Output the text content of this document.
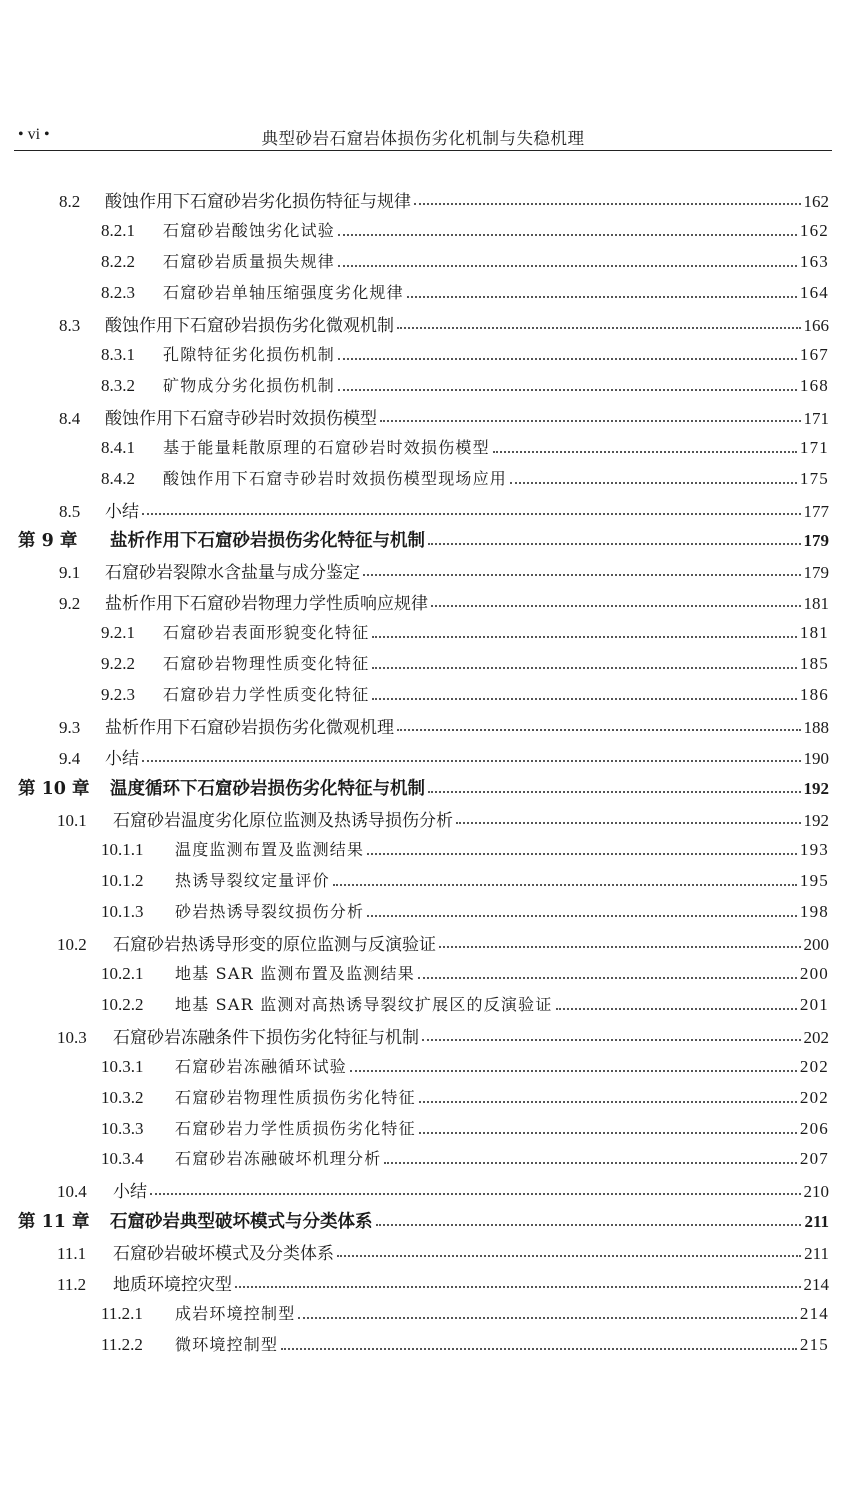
• vi •	典型砂岩石窟岩体损伤劣化机制与失稳机理
8.2	酸蚀作用下石窟砂岩劣化损伤特征与规律	162
8.2.1	石窟砂岩酸蚀劣化试验	162
8.2.2	石窟砂岩质量损失规律	163
8.2.3	石窟砂岩单轴压缩强度劣化规律	164
8.3	酸蚀作用下石窟砂岩损伤劣化微观机制	166
8.3.1	孔隙特征劣化损伤机制	167
8.3.2	矿物成分劣化损伤机制	168
8.4	酸蚀作用下石窟寺砂岩时效损伤模型	171
8.4.1	基于能量耗散原理的石窟砂岩时效损伤模型	171
8.4.2	酸蚀作用下石窟寺砂岩时效损伤模型现场应用	175
8.5	小结	177
第 9 章	盐析作用下石窟砂岩损伤劣化特征与机制	179
9.1	石窟砂岩裂隙水含盐量与成分鉴定	179
9.2	盐析作用下石窟砂岩物理力学性质响应规律	181
9.2.1	石窟砂岩表面形貌变化特征	181
9.2.2	石窟砂岩物理性质变化特征	185
9.2.3	石窟砂岩力学性质变化特征	186
9.3	盐析作用下石窟砂岩损伤劣化微观机理	188
9.4	小结	190
第 10 章	温度循环下石窟砂岩损伤劣化特征与机制	192
10.1	石窟砂岩温度劣化原位监测及热诱导损伤分析	192
10.1.1	温度监测布置及监测结果	193
10.1.2	热诱导裂纹定量评价	195
10.1.3	砂岩热诱导裂纹损伤分析	198
10.2	石窟砂岩热诱导形变的原位监测与反演验证	200
10.2.1	地基 SAR 监测布置及监测结果	200
10.2.2	地基 SAR 监测对高热诱导裂纹扩展区的反演验证	201
10.3	石窟砂岩冻融条件下损伤劣化特征与机制	202
10.3.1	石窟砂岩冻融循环试验	202
10.3.2	石窟砂岩物理性质损伤劣化特征	202
10.3.3	石窟砂岩力学性质损伤劣化特征	206
10.3.4	石窟砂岩冻融破坏机理分析	207
10.4	小结	210
第 11 章	石窟砂岩典型破坏模式与分类体系	211
11.1	石窟砂岩破坏模式及分类体系	211
11.2	地质环境控灾型	214
11.2.1	成岩环境控制型	214
11.2.2	微环境控制型	215
